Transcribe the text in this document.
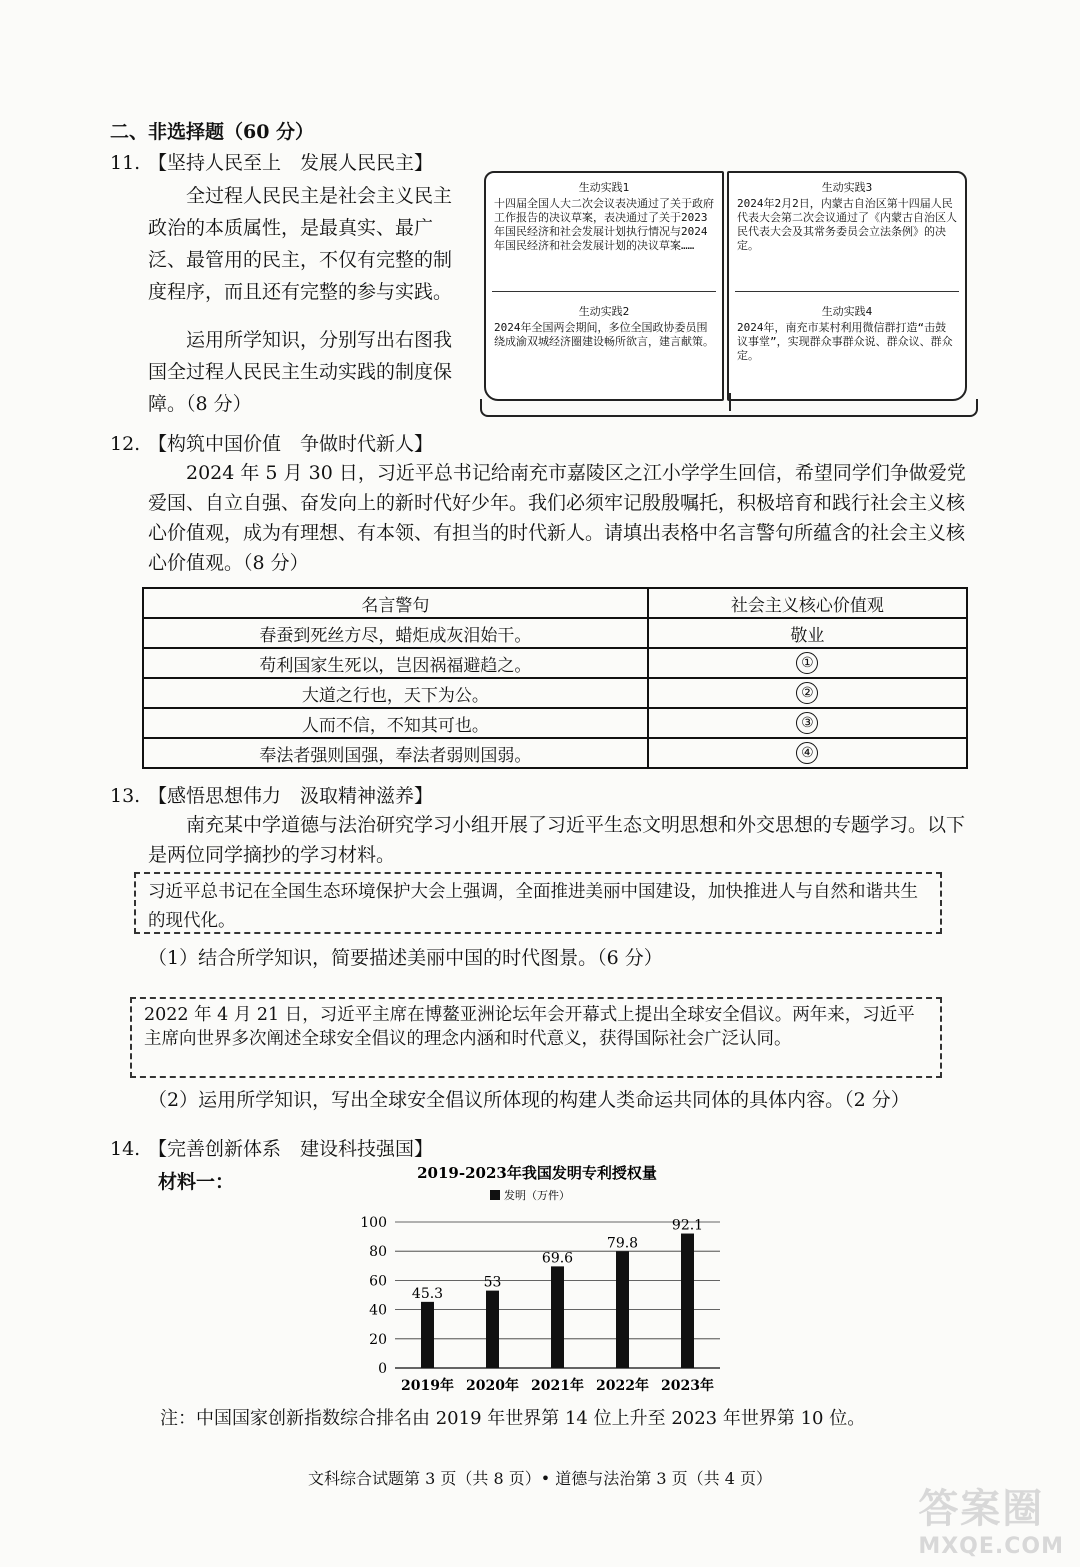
二、非选择题（60 分）
11. 【坚持人民至上　发展人民民主】
全过程人民民主是社会主义民主政治的本质属性，是最真实、最广泛、最管用的民主，不仅有完整的制度程序，而且还有完整的参与实践。
运用所学知识，分别写出右图我国全过程人民民主生动实践的制度保障。（8 分）
生动实践1
十四届全国人大二次会议表决通过了关于政府工作报告的决议草案，表决通过了关于2023年国民经济和社会发展计划执行情况与2024年国民经济和社会发展计划的决议草案……
生动实践2
2024年全国两会期间，多位全国政协委员围绕成渝双城经济圈建设畅所欲言，建言献策。
生动实践3
2024年2月2日，内蒙古自治区第十四届人民代表大会第二次会议通过了《内蒙古自治区人民代表大会及其常务委员会立法条例》的决定。
生动实践4
2024年，南充市某村利用微信群打造“击鼓议事堂”，实现群众事群众说、群众议、群众定。
12. 【构筑中国价值　争做时代新人】
2024 年 5 月 30 日，习近平总书记给南充市嘉陵区之江小学学生回信，希望同学们争做爱党爱国、自立自强、奋发向上的新时代好少年。我们必须牢记殷殷嘱托，积极培育和践行社会主义核心价值观，成为有理想、有本领、有担当的时代新人。请填出表格中名言警句所蕴含的社会主义核心价值观。（8 分）
名言警句	社会主义核心价值观
春蚕到死丝方尽，蜡炬成灰泪始干。	敬业
苟利国家生死以，岂因祸福避趋之。	①
大道之行也，天下为公。	②
人而不信，不知其可也。	③
奉法者强则国强，奉法者弱则国弱。	④
13. 【感悟思想伟力　汲取精神滋养】
南充某中学道德与法治研究学习小组开展了习近平生态文明思想和外交思想的专题学习。以下是两位同学摘抄的学习材料。
习近平总书记在全国生态环境保护大会上强调，全面推进美丽中国建设，加快推进人与自然和谐共生的现代化。
（1）结合所学知识，简要描述美丽中国的时代图景。（6 分）
2022 年 4 月 21 日，习近平主席在博鳌亚洲论坛年会开幕式上提出全球安全倡议。两年来，习近平主席向世界多次阐述全球安全倡议的理念内涵和时代意义，获得国际社会广泛认同。
（2）运用所学知识，写出全球安全倡议所体现的构建人类命运共同体的具体内容。（2 分）
14. 【完善创新体系　建设科技强国】
材料一：	2019-2023年我国发明专利授权量
发明（万件）
0
20
40
60
80
100
45.3
2019年
53
2020年
69.6
2021年
79.8
2022年
92.1
2023年
注：中国国家创新指数综合排名由 2019 年世界第 14 位上升至 2023 年世界第 10 位。
文科综合试题第 3 页（共 8 页）• 道德与法治第 3 页（共 4 页）
答案圈
MXQE.COM
